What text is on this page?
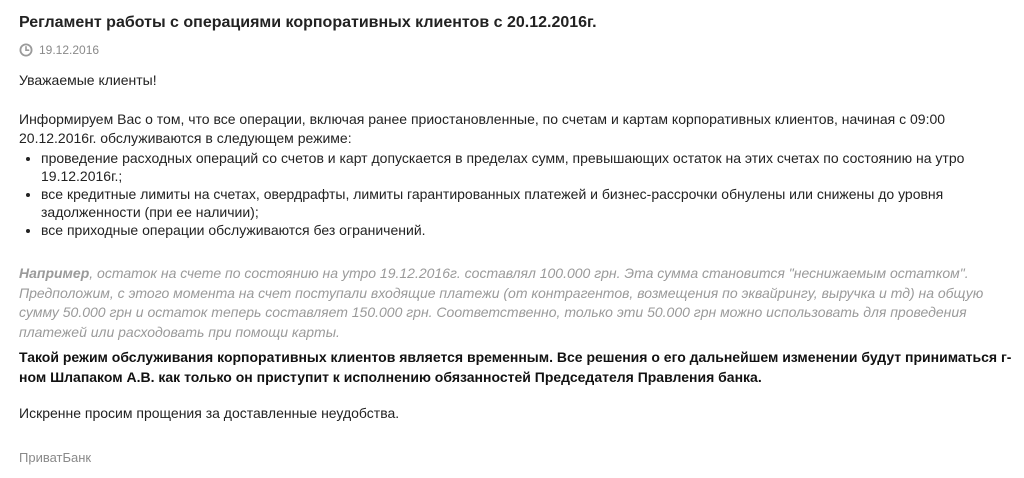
Регламент работы с операциями корпоративных клиентов с 20.12.2016г.
19.12.2016

Уважаемые клиенты!

Информируем Вас о том, что все операции, включая ранее приостановленные, по счетам и картам корпоративных клиентов, начиная с 09:00 20.12.2016г. обслуживаются в следующем режиме:

• проведение расходных операций со счетов и карт допускается в пределах сумм, превышающих остаток на этих счетах по состоянию на утро 19.12.2016г.;
• все кредитные лимиты на счетах, овердрафты, лимиты гарантированных платежей и бизнес-рассрочки обнулены или снижены до уровня задолженности (при ее наличии);
• все приходные операции обслуживаются без ограничений.

Например, остаток на счете по состоянию на утро 19.12.2016г. составлял 100.000 грн. Эта сумма становится "неснижаемым остатком". Предположим, с этого момента на счет поступали входящие платежи (от контрагентов, возмещения по эквайрингу, выручка и тд) на общую сумму 50.000 грн и остаток теперь составляет 150.000 грн. Соответственно, только эти 50.000 грн можно использовать для проведения платежей или расходовать при помощи карты.

Такой режим обслуживания корпоративных клиентов является временным. Все решения о его дальнейшем изменении будут приниматься г-ном Шлапаком А.В. как только он приступит к исполнению обязанностей Председателя Правления банка.

Искренне просим прощения за доставленные неудобства.

ПриватБанк
